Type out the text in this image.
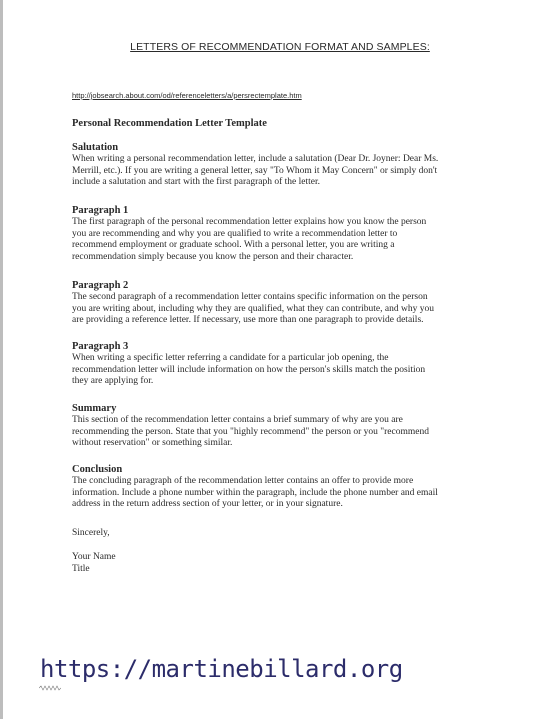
LETTERS OF RECOMMENDATION FORMAT AND SAMPLES:
http://jobsearch.about.com/od/referenceletters/a/persrectemplate.htm
Personal Recommendation Letter Template

Salutation

When writing a personal recommendation letter, include a salutation (Dear Dr. Joyner: Dear Ms.

Merrill, etc.). If you are writing a general letter, say "To Whom it May Concern" or simply don't

include a salutation and start with the first paragraph of the letter.

Paragraph 1

The first paragraph of the personal recommendation letter explains how you know the person

you are recommending and why you are qualified to write a recommendation letter to

recommend employment or graduate school. With a personal letter, you are writing a

recommendation simply because you know the person and their character.

Paragraph 2

The second paragraph of a recommendation letter contains specific information on the person

you are writing about, including why they are qualified, what they can contribute, and why you

are providing a reference letter. If necessary, use more than one paragraph to provide details.

Paragraph 3

When writing a specific letter referring a candidate for a particular job opening, the

recommendation letter will include information on how the person's skills match the position

they are applying for.

Summary

This section of the recommendation letter contains a brief summary of why are you are

recommending the person. State that you "highly recommend" the person or you "recommend

without reservation" or something similar.

Conclusion

The concluding paragraph of the recommendation letter contains an offer to provide more

information. Include a phone number within the paragraph, include the phone number and email

address in the return address section of your letter, or in your signature.

Sincerely,
Your Name
Title
https://martinebillard.org
